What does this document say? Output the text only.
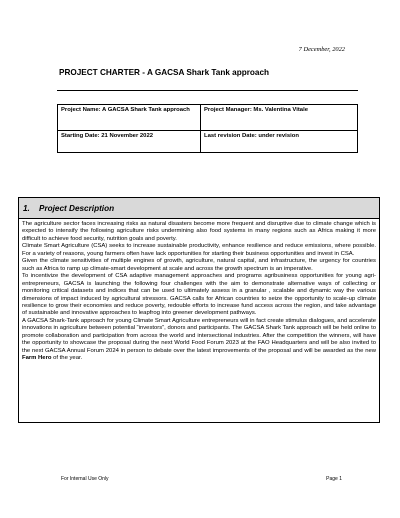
7 December, 2022
PROJECT CHARTER - A GACSA Shark Tank approach
Project Name: A GACSA Shark Tank approach	Project Manager: Ms. Valentina Vitale
Starting Date: 21 November 2022	Last revision Date: under revision
1.	Project Description

The agriculture sector faces increasing risks as natural disasters become more frequent and disruptive due to climate change which is expected to intensify the following agriculture risks undermining also food systems in many regions such as Africa making it more difficult to achieve food security, nutrition goals and poverty.

Climate Smart Agriculture (CSA) seeks to increase sustainable productivity, enhance resilience and reduce emissions, where possible. For a variety of reasons, young farmers often have lack opportunities for starting their business opportunities and invest in CSA.

Given the climate sensitivities of multiple engines of growth, agriculture, natural capital, and infrastructure, the urgency for countries such as Africa to ramp up climate-smart development at scale and across the growth spectrum is an imperative.

To incentivize the development of CSA adaptive management approaches and programs agribusiness opportunities for young agri-entrepreneurs, GACSA is launching the following four challenges with the aim to demonstrate alternative ways of collecting or monitoring critical datasets and indices that can be used to ultimately assess in a granular , scalable and dynamic way the various dimensions of impact induced by agricultural stressors. GACSA calls for African countries to seize the opportunity to scale-up climate resilience to grow their economies and reduce poverty, redouble efforts to increase fund access across the region, and take advantage of sustainable and innovative approaches to leapfrog into greener development pathways.

A GACSA Shark-Tank approach for young Climate Smart Agriculture entrepreneurs will in fact create stimulus dialogues, and accelerate innovations in agriculture between potential “investors”, donors and participants. The GACSA Shark Tank approach will be held online to promote collaboration and participation from across the world and intersectional industries. After the competition the winners, will have the opportunity to showcase the proposal during the next World Food Forum 2023 at the FAO Headquarters and will be also invited to the next GACSA Annual Forum 2024 in person to debate over the latest improvements of the proposal and will be awarded as the new Farm Hero of the year.

For Internal Use Only	Page 1
